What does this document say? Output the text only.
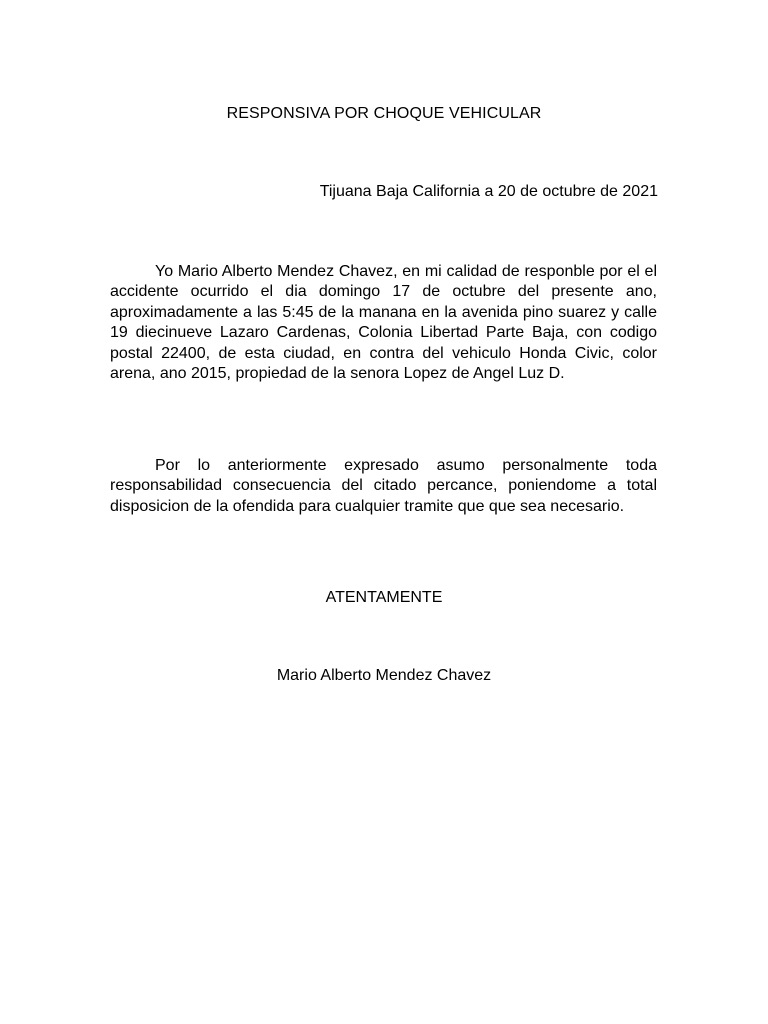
RESPONSIVA POR CHOQUE VEHICULAR
Tijuana Baja California a 20 de octubre de 2021

Yo Mario Alberto Mendez Chavez, en mi calidad de responble por el el accidente ocurrido el dia domingo 17 de octubre del presente ano, aproximadamente a las 5:45 de la manana en la avenida pino suarez y calle 19 diecinueve Lazaro Cardenas, Colonia Libertad Parte Baja, con codigo postal 22400, de esta ciudad, en contra del vehiculo Honda Civic, color arena, ano 2015, propiedad de la senora Lopez de Angel Luz D.

Por lo anteriormente expresado asumo personalmente toda responsabilidad consecuencia del citado percance, poniendome a total disposicion de la ofendida para cualquier tramite que que sea necesario.

ATENTAMENTE
Mario Alberto Mendez Chavez
